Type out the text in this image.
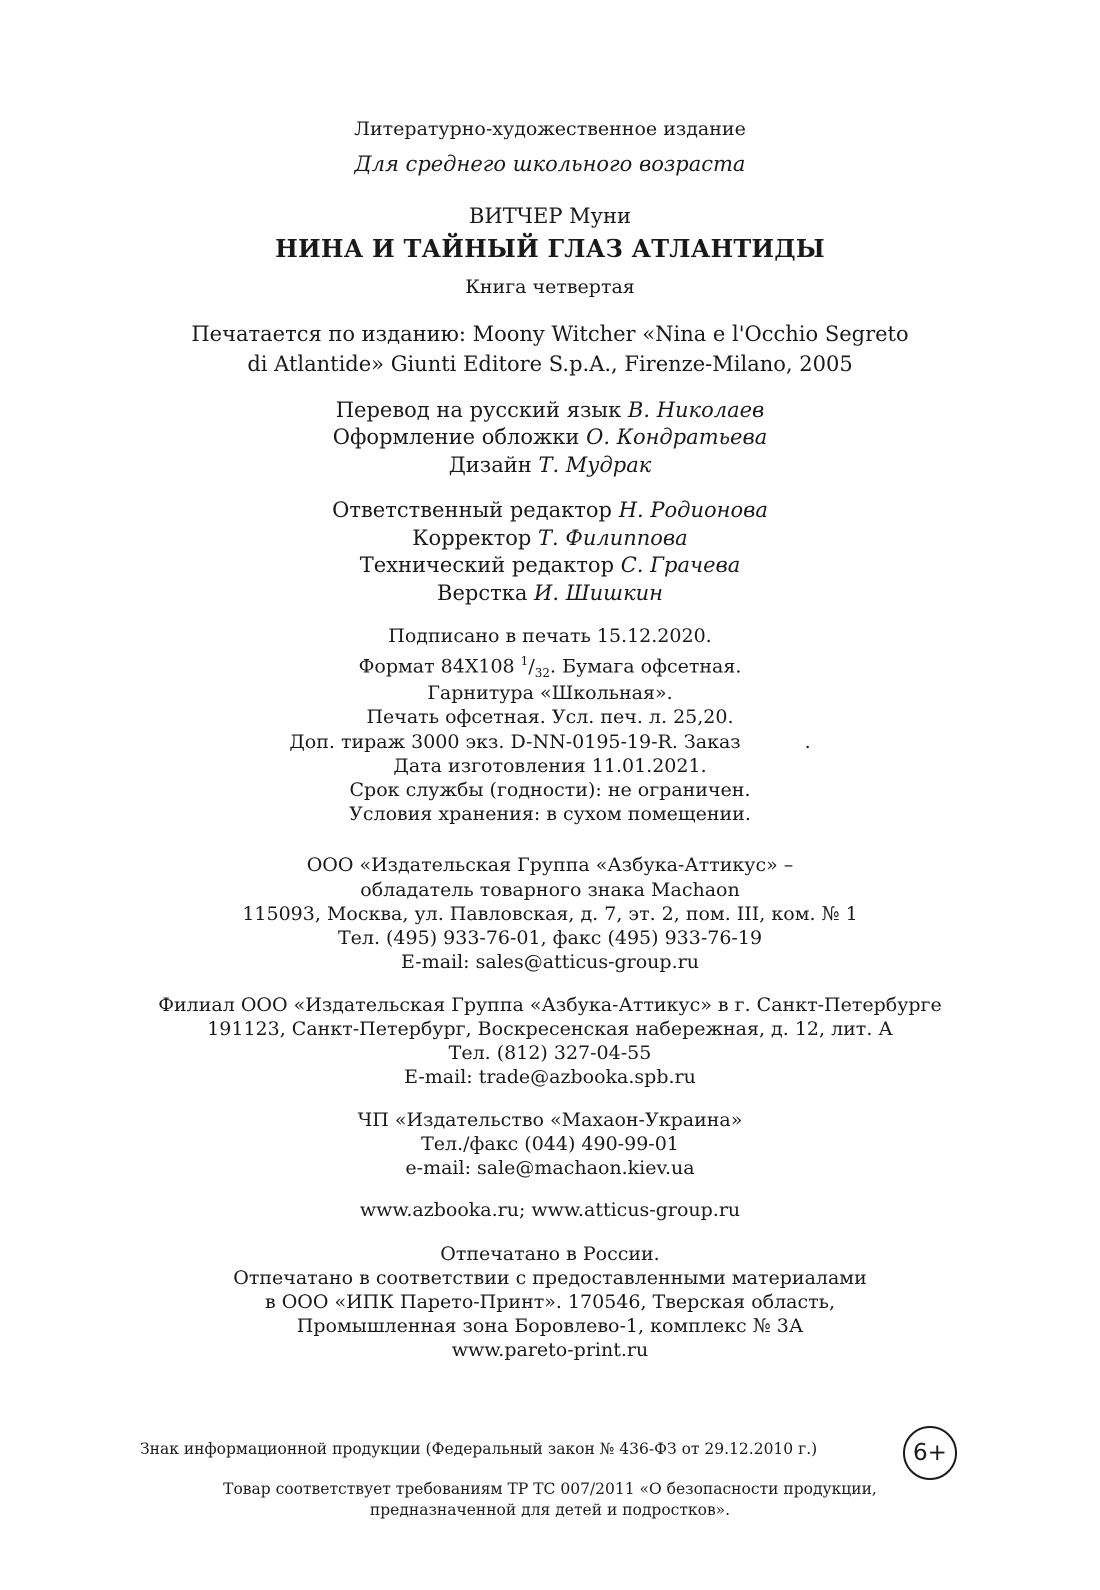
Литературно-художественное издание
Для среднего школьного возраста
ВИТЧЕР Муни
НИНА И ТАЙНЫЙ ГЛАЗ АТЛАНТИДЫ
Книга четвертая
Печатается по изданию: Moony Witcher «Nina e l'Occhio Segreto
di Atlantide» Giunti Editore S.p.A., Firenze-Milano, 2005
Перевод на русский язык В. Николаев
Оформление обложки О. Кондратьева
Дизайн Т. Мудрак
Ответственный редактор Н. Родионова
Корректор Т. Филиппова
Технический редактор С. Грачева
Верстка И. Шишкин
Подписано в печать 15.12.2020.
Формат 84Х108 $^1/_{32}$. Бумага офсетная.
Гарнитура «Школьная».
Печать офсетная. Усл. печ. л. 25,20.
Доп. тираж 3000 экз. D-NN-0195-19-R. Заказ	.
Дата изготовления 11.01.2021.
Срок службы (годности): не ограничен.
Условия хранения: в сухом помещении.
ООО «Издательская Группа «Азбука-Аттикус» –
обладатель товарного знака Machaon
115093, Москва, ул. Павловская, д. 7, эт. 2, пом. III, ком. № 1
Тел. (495) 933-76-01, факс (495) 933-76-19
E-mail: sales@atticus-group.ru
Филиал ООО «Издательская Группа «Азбука-Аттикус» в г. Санкт-Петербурге
191123, Санкт-Петербург, Воскресенская набережная, д. 12, лит. А
Тел. (812) 327-04-55
E-mail: trade@azbooka.spb.ru
ЧП «Издательство «Махаон-Украина»
Тел./факс (044) 490-99-01
e-mail: sale@machaon.kiev.ua
www.azbooka.ru; www.atticus-group.ru
Отпечатано в России.
Отпечатано в соответствии с предоставленными материалами
в ООО «ИПК Парето-Принт». 170546, Тверская область,
Промышленная зона Боровлево-1, комплекс № 3А
www.pareto-print.ru
Знак информационной продукции (Федеральный закон № 436-ФЗ от 29.12.2010 г.)	6+
Товар соответствует требованиям ТР ТС 007/2011 «О безопасности продукции,
предназначенной для детей и подростков».
